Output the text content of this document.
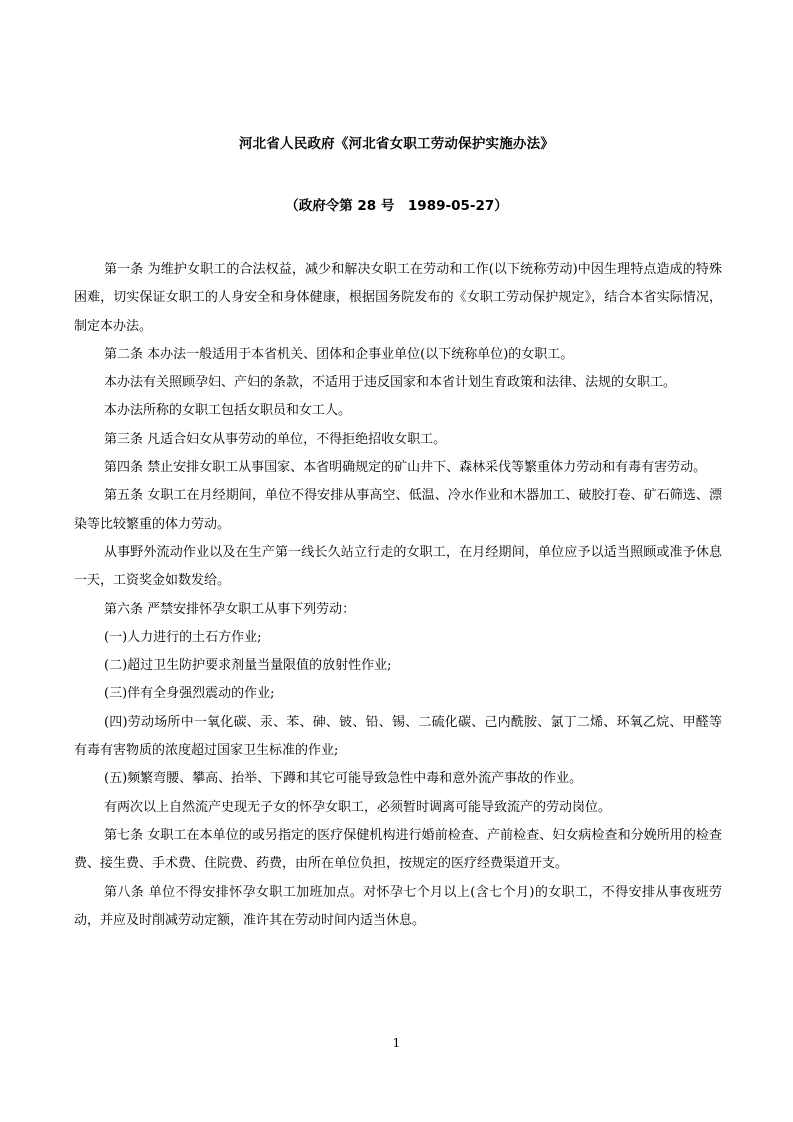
河北省人民政府《河北省女职工劳动保护实施办法》
（政府令第 28 号　1989-05-27）

第一条 为维护女职工的合法权益，减少和解决女职工在劳动和工作(以下统称劳动)中因生理特点造成的特殊困难，切实保证女职工的人身安全和身体健康，根据国务院发布的《女职工劳动保护规定》，结合本省实际情况，制定本办法。

第二条 本办法一般适用于本省机关、团体和企事业单位(以下统称单位)的女职工。

本办法有关照顾孕妇、产妇的条款，不适用于违反国家和本省计划生育政策和法律、法规的女职工。

本办法所称的女职工包括女职员和女工人。

第三条 凡适合妇女从事劳动的单位，不得拒绝招收女职工。

第四条 禁止安排女职工从事国家、本省明确规定的矿山井下、森林采伐等繁重体力劳动和有毒有害劳动。

第五条 女职工在月经期间，单位不得安排从事高空、低温、冷水作业和木器加工、破胶打卷、矿石筛选、漂染等比较繁重的体力劳动。

从事野外流动作业以及在生产第一线长久站立行走的女职工，在月经期间，单位应予以适当照顾或准予休息一天，工资奖金如数发给。

第六条 严禁安排怀孕女职工从事下列劳动：

(一)人力进行的土石方作业;

(二)超过卫生防护要求剂量当量限值的放射性作业;

(三)伴有全身强烈震动的作业;

(四)劳动场所中一氧化碳、汞、苯、砷、铍、铅、锡、二硫化碳、己内酰胺、氯丁二烯、环氧乙烷、甲醛等有毒有害物质的浓度超过国家卫生标准的作业;

(五)频繁弯腰、攀高、抬举、下蹲和其它可能导致急性中毒和意外流产事故的作业。

有两次以上自然流产史现无子女的怀孕女职工，必须暂时调离可能导致流产的劳动岗位。

第七条 女职工在本单位的或另指定的医疗保健机构进行婚前检查、产前检查、妇女病检查和分娩所用的检查费、接生费、手术费、住院费、药费，由所在单位负担，按规定的医疗经费渠道开支。

第八条 单位不得安排怀孕女职工加班加点。对怀孕七个月以上(含七个月)的女职工，不得安排从事夜班劳动，并应及时削减劳动定额，准许其在劳动时间内适当休息。

1
